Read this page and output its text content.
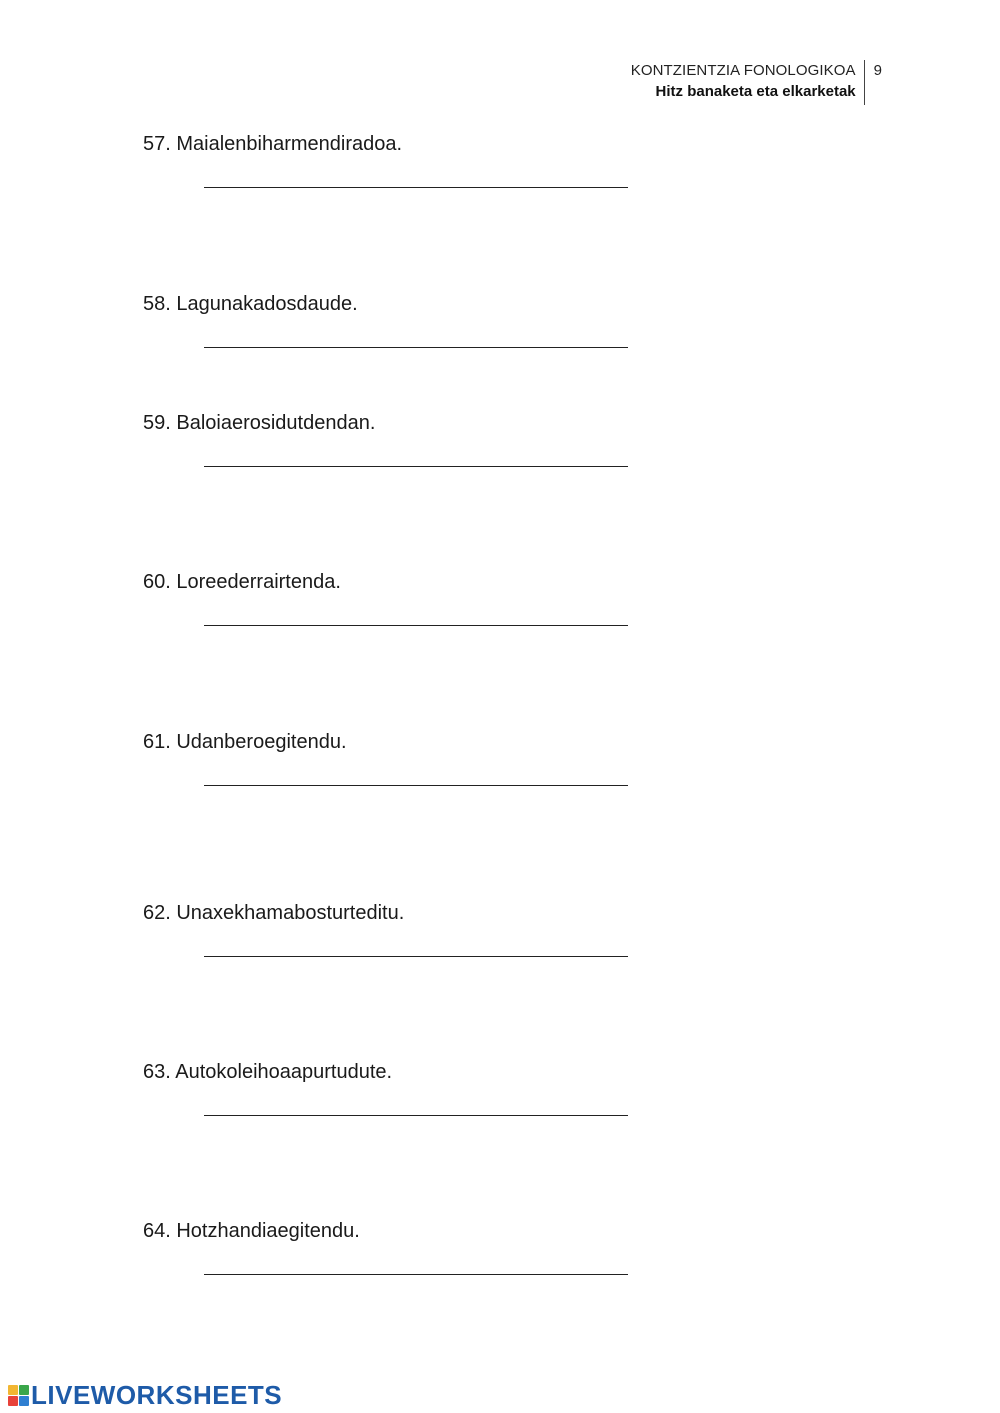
KONTZIENTZIA FONOLOGIKOA
Hitz banaketa eta elkarketak
9
57. Maialenbiharmendiradoa.
58. Lagunakadosdaude.
59. Baloiaerosidutdendan.
60. Loreederrairtenda.
61. Udanberoegitendu.
62. Unaxekhamabosturteditu.
63. Autokoleihoaapurtudute.
64. Hotzhandiaegitendu.
LIVEWORKSHEETS
